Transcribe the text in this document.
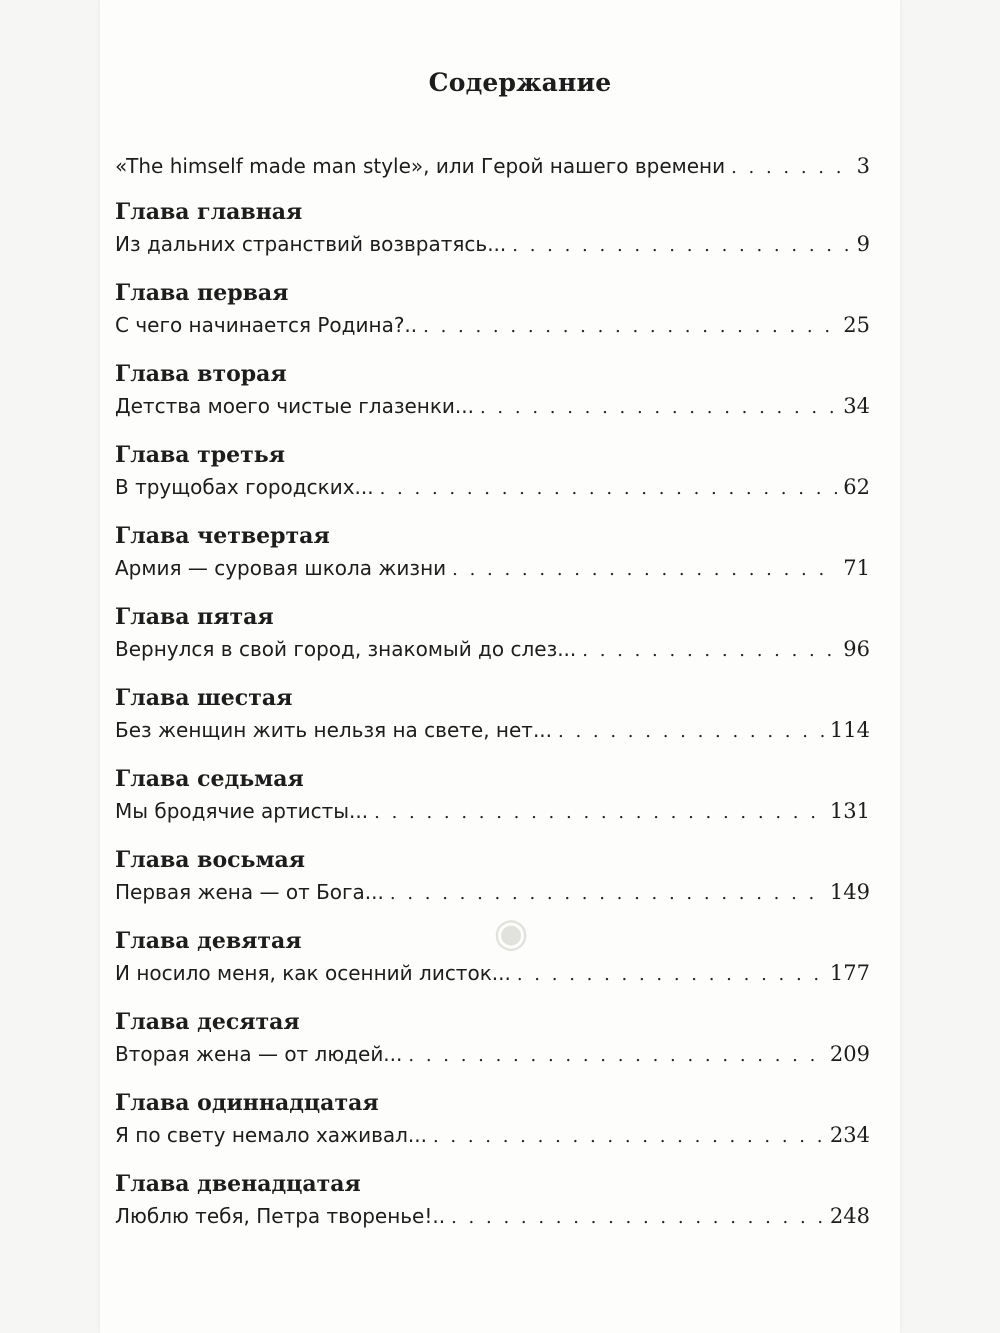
◉
Содержание
«The himself made man style», или Герой нашего времени . . .	3
Глава главная
Из дальних странствий возвратясь... . . .	9
Глава первая
С чего начинается Родина?.. . . .	25
Глава вторая
Детства моего чистые глазенки... . . .	34
Глава третья
В трущобах городских... . . .	62
Глава четвертая
Армия — суровая школа жизни . . .	71
Глава пятая
Вернулся в свой город, знакомый до слез... . . .	96
Глава шестая
Без женщин жить нельзя на свете, нет... . . .	114
Глава седьмая
Мы бродячие артисты... . . .	131
Глава восьмая
Первая жена — от Бога... . . .	149
Глава девятая
И носило меня, как осенний листок... . . .	177
Глава десятая
Вторая жена — от людей... . . .	209
Глава одиннадцатая
Я по свету немало хаживал... . . .	234
Глава двенадцатая
Люблю тебя, Петра творенье!.. . . .	248
